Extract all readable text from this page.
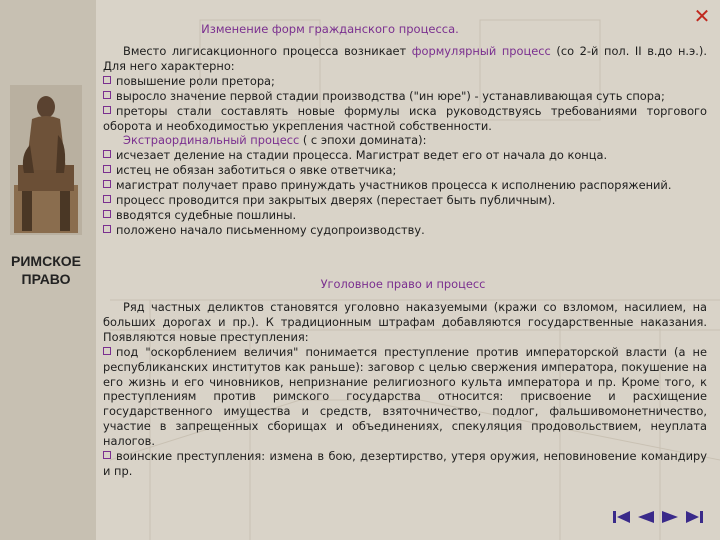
РИМСКОЕ
ПРАВО
Изменение форм гражданского процесса.
✕

Вместо лигисакционного процесса возникает формулярный процесс (со 2-й пол. II в.до н.э.). Для него характерно:

повышение роли претора;

выросло значение первой стадии производства ("ин юре") - устанавливающая суть спора;

преторы стали составлять новые формулы иска руководствуясь требованиями торгового оборота и необходимостью укрепления частной собственности.

Экстраординальный процесс ( с эпохи домината):

исчезает деление на стадии процесса. Магистрат ведет его от начала до конца.

истец не обязан заботиться о явке ответчика;

магистрат получает право принуждать участников процесса к исполнению распоряжений.

процесс проводится при закрытых дверях (перестает быть публичным).

вводятся судебные пошлины.

положено начало письменному судопроизводству.

Уголовное право и процесс

Ряд частных деликтов становятся уголовно наказуемыми (кражи со взломом, насилием, на больших дорогах и пр.). К традиционным штрафам добавляются государственные наказания. Появляются новые преступления:

под "оскорблением величия" понимается преступление против императорской власти (а не республиканских институтов как раньше): заговор с целью свержения императора, покушение на его жизнь и его чиновников, непризнание религиозного культа императора и пр. Кроме того, к преступлениям против римского государства относится: присвоение и расхищение государственного имущества и средств, взяточничество, подлог, фальшивомонетничество, участие в запрещенных сборищах и объединениях, спекуляция продовольствием, неуплата налогов.

воинские преступления: измена в бою, дезертирство, утеря оружия, неповиновение командиру и пр.
